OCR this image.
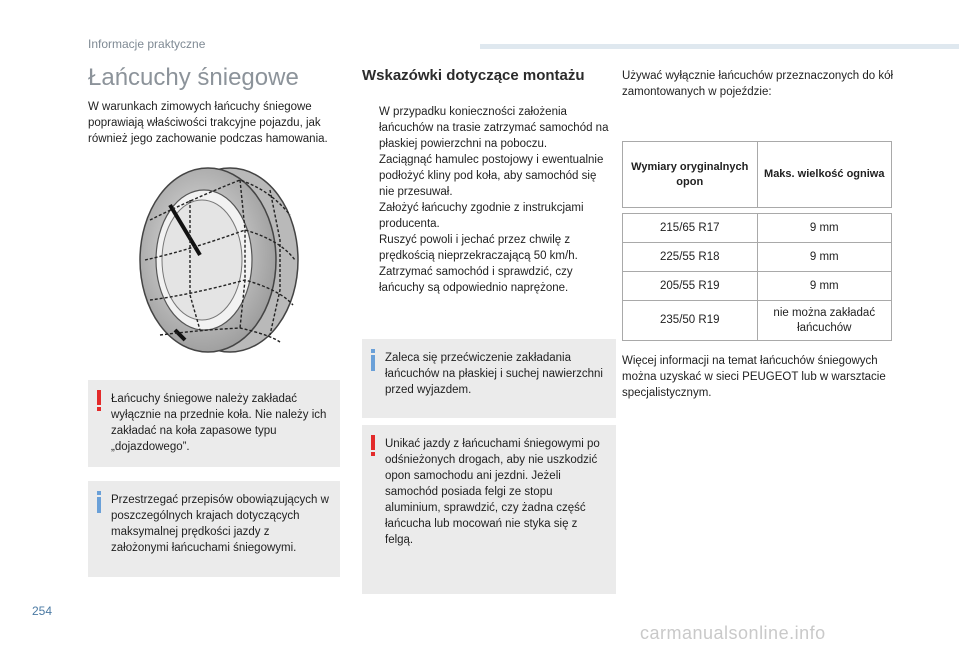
Informacje praktyczne
Łańcuchy śniegowe
W warunkach zimowych łańcuchy śniegowe poprawiają właściwości trakcyjne pojazdu, jak również jego zachowanie podczas hamowania.
Łańcuchy śniegowe należy zakładać wyłącznie na przednie koła. Nie należy ich zakładać na koła zapasowe typu „dojazdowego”.
Przestrzegać przepisów obowiązujących w poszczególnych krajach dotyczących maksymalnej prędkości jazdy z założonymi łańcuchami śniegowymi.
Wskazówki dotyczące montażu
W przypadku konieczności założenia łańcuchów na trasie zatrzymać samochód na płaskiej powierzchni na poboczu.
Zaciągnąć hamulec postojowy i ewentualnie podłożyć kliny pod koła, aby samochód się nie przesuwał.
Założyć łańcuchy zgodnie z instrukcjami producenta.
Ruszyć powoli i jechać przez chwilę z prędkością nieprzekraczającą 50 km/h.
Zatrzymać samochód i sprawdzić, czy łańcuchy są odpowiednio naprężone.
Zaleca się przećwiczenie zakładania łańcuchów na płaskiej i suchej nawierzchni przed wyjazdem.
Unikać jazdy z łańcuchami śniegowymi po odśnieżonych drogach, aby nie uszkodzić opon samochodu ani jezdni. Jeżeli samochód posiada felgi ze stopu aluminium, sprawdzić, czy żadna część łańcucha lub mocowań nie styka się z felgą.
Używać wyłącznie łańcuchów przeznaczonych do kół zamontowanych w pojeździe:
Wymiary oryginalnych opon	Maks. wielkość ogniwa

215/65 R17	9 mm
225/55 R18	9 mm
205/55 R19	9 mm
235/50 R19	nie można zakładać łańcuchów
Więcej informacji na temat łańcuchów śniegowych można uzyskać w sieci PEUGEOT lub w warsztacie specjalistycznym.
254
carmanualsonline.info
